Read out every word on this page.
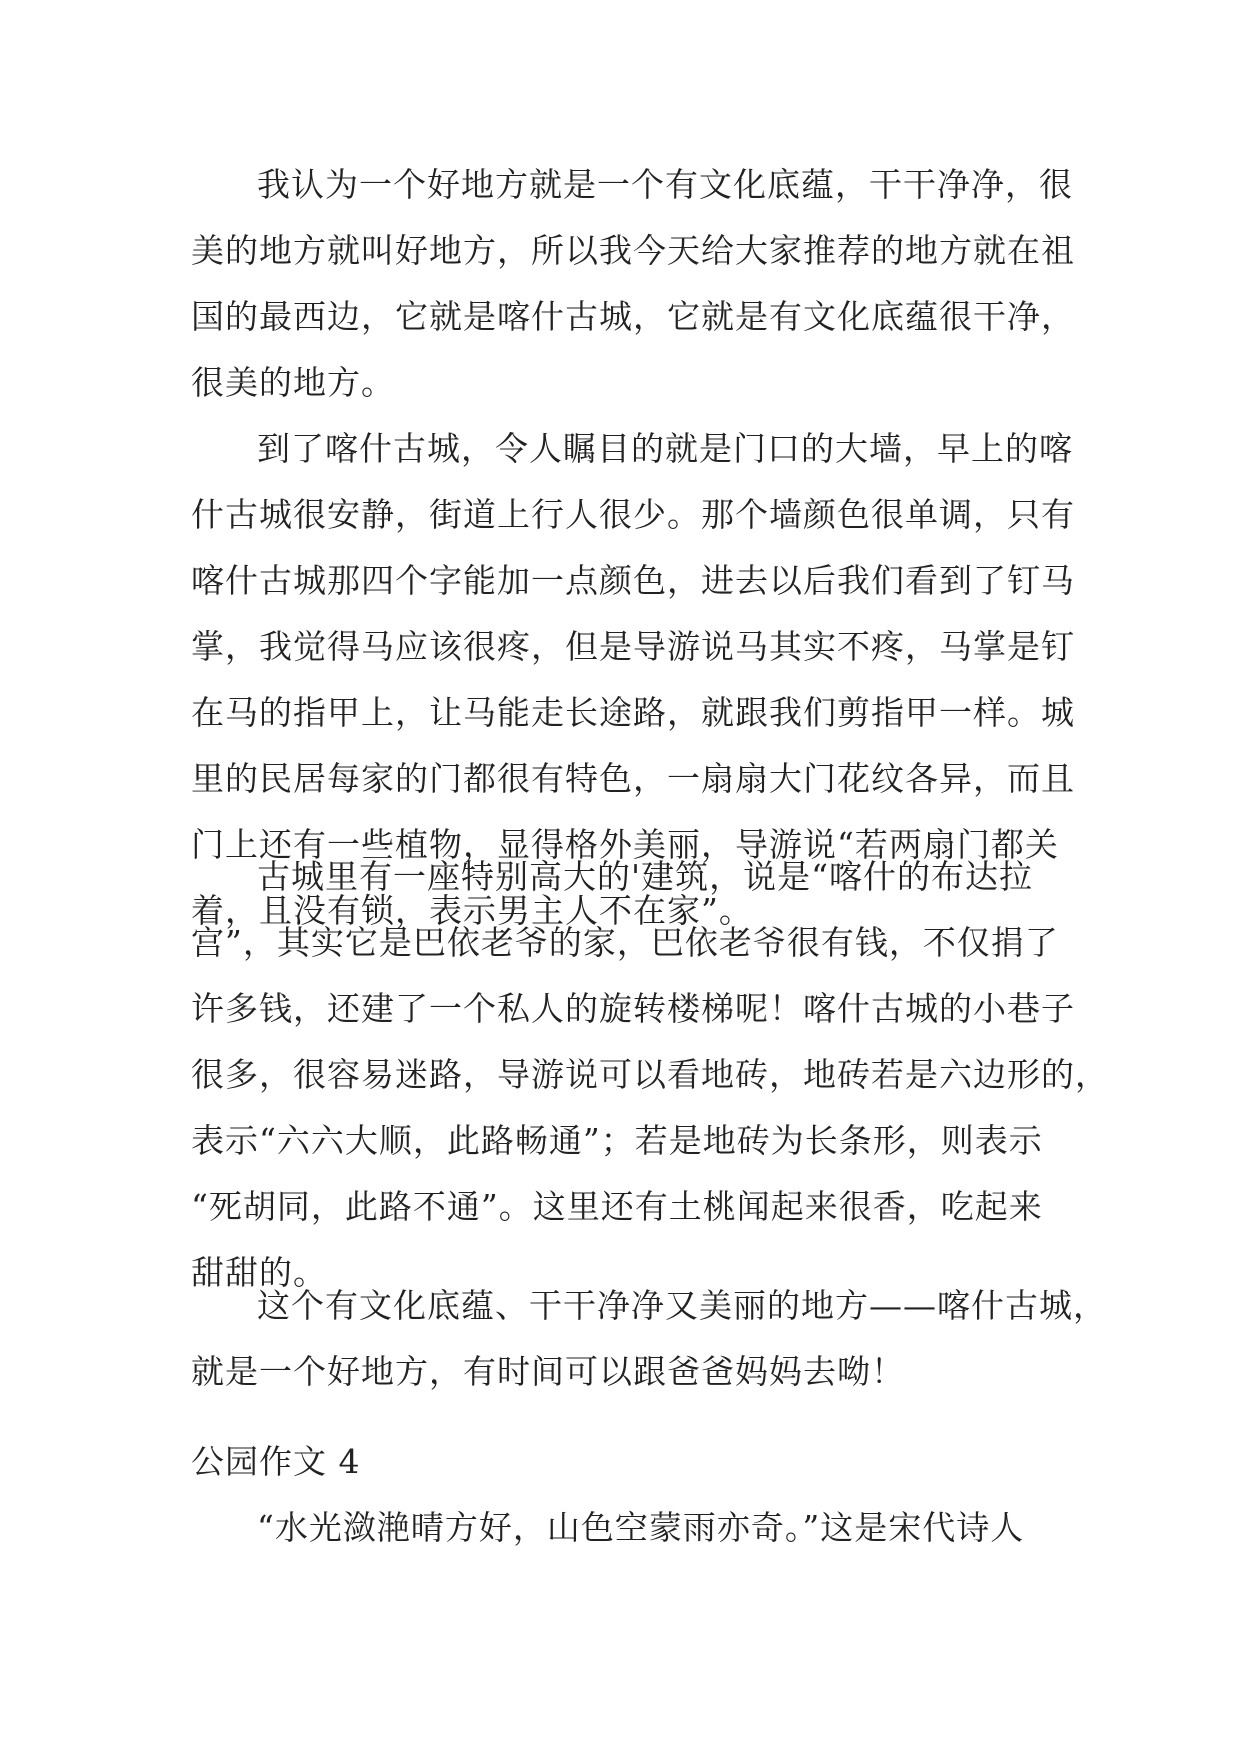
我认为一个好地方就是一个有文化底蕴，干干净净，很
美的地方就叫好地方，所以我今天给大家推荐的地方就在祖
国的最西边，它就是喀什古城，它就是有文化底蕴很干净，
很美的地方。
到了喀什古城，令人瞩目的就是门口的大墙，早上的喀
什古城很安静，街道上行人很少。那个墙颜色很单调，只有
喀什古城那四个字能加一点颜色，进去以后我们看到了钉马
掌，我觉得马应该很疼，但是导游说马其实不疼，马掌是钉
在马的指甲上，让马能走长途路，就跟我们剪指甲一样。城
里的民居每家的门都很有特色，一扇扇大门花纹各异，而且
门上还有一些植物，显得格外美丽，导游说“若两扇门都关
着，且没有锁，表示男主人不在家”。
古城里有一座特别高大的'建筑，说是“喀什的布达拉
宫”，其实它是巴依老爷的家，巴依老爷很有钱，不仅捐了
许多钱，还建了一个私人的旋转楼梯呢！喀什古城的小巷子
很多，很容易迷路，导游说可以看地砖，地砖若是六边形的，
表示“六六大顺，此路畅通”；若是地砖为长条形，则表示
“死胡同，此路不通”。这里还有土桃闻起来很香，吃起来
甜甜的。
这个有文化底蕴、干干净净又美丽的地方——喀什古城，
就是一个好地方，有时间可以跟爸爸妈妈去呦！
公园作文 4
“水光潋滟晴方好，山色空蒙雨亦奇。”这是宋代诗人
